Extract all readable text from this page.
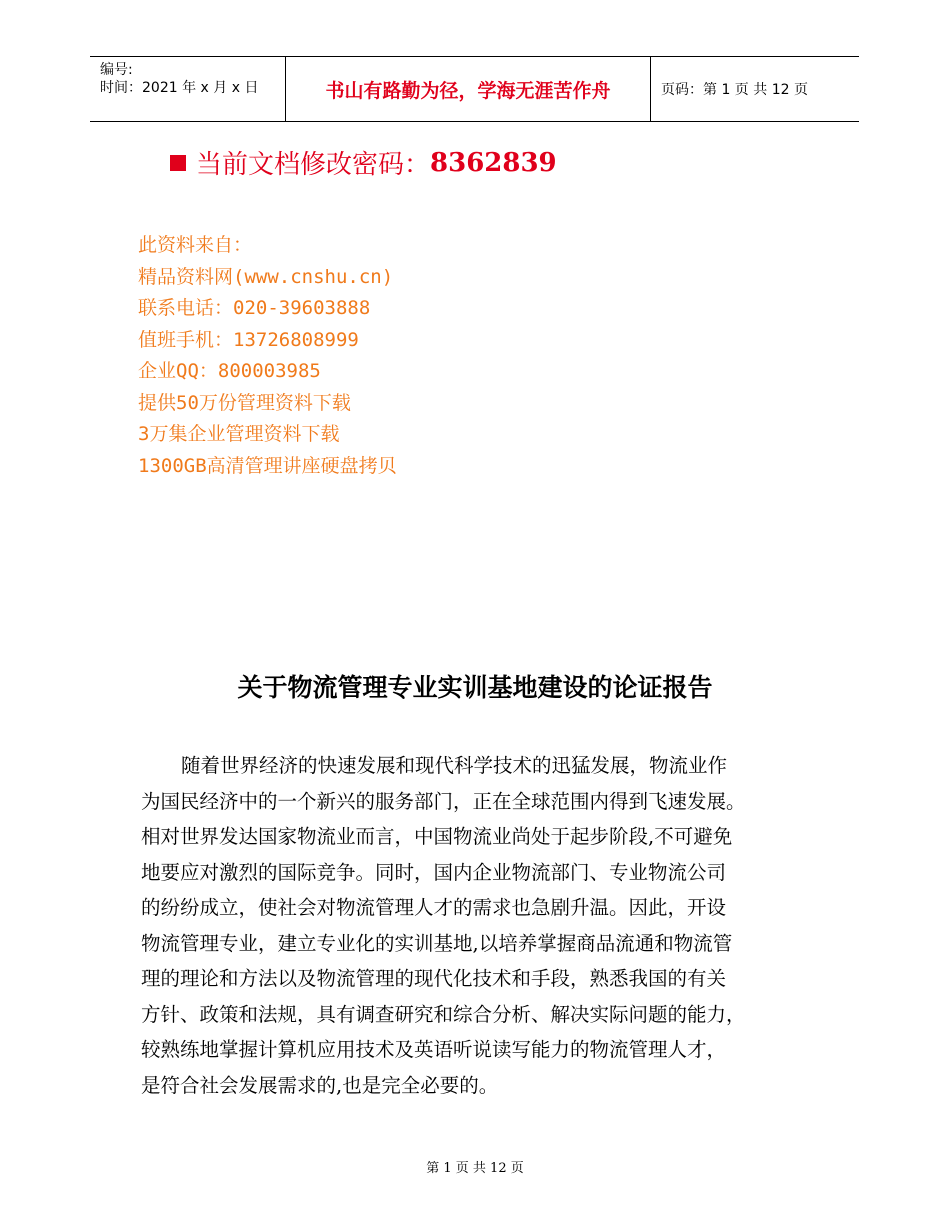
编号:
时间：2021 年 x 月 x 日	书山有路勤为径，学海无涯苦作舟	页码：第 1 页 共 12 页
当前文档修改密码： 8362839
此资料来自：
精品资料网(www.cnshu.cn)
联系电话：020-39603888
值班手机：13726808999
企业QQ：800003985
提供50万份管理资料下载
3万集企业管理资料下载
1300GB高清管理讲座硬盘拷贝
关于物流管理专业实训基地建设的论证报告
随着世界经济的快速发展和现代科学技术的迅猛发展，物流业作
为国民经济中的一个新兴的服务部门，正在全球范围内得到飞速发展。
相对世界发达国家物流业而言，中国物流业尚处于起步阶段,不可避免
地要应对激烈的国际竞争。同时，国内企业物流部门、专业物流公司
的纷纷成立，使社会对物流管理人才的需求也急剧升温。因此，开设
物流管理专业，建立专业化的实训基地,以培养掌握商品流通和物流管
理的理论和方法以及物流管理的现代化技术和手段，熟悉我国的有关
方针、政策和法规，具有调查研究和综合分析、解决实际问题的能力，
较熟练地掌握计算机应用技术及英语听说读写能力的物流管理人才，
是符合社会发展需求的,也是完全必要的。
第 1 页 共 12 页
